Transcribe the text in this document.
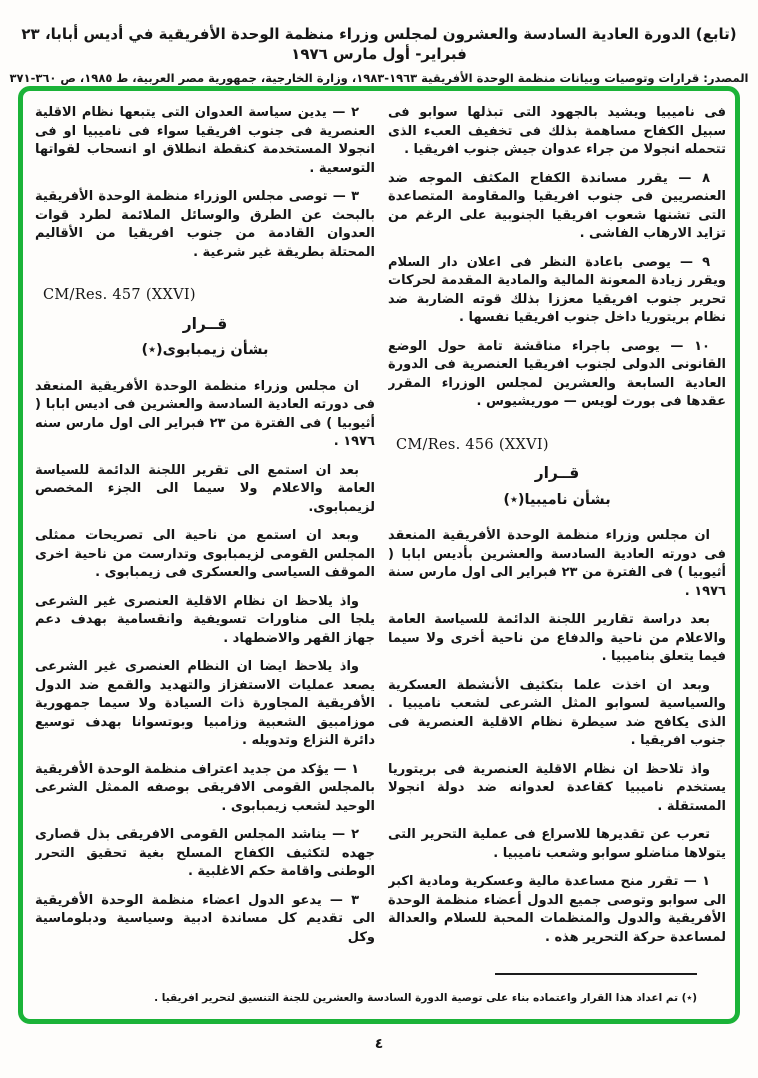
(تابع) الدورة العادية السادسة والعشرون لمجلس وزراء منظمة الوحدة الأفريقية في أديس أبابا، ٢٣ فبراير- أول مارس ١٩٧٦
المصدر: قرارات وتوصيات وبيانات منظمة الوحدة الأفريقية ١٩٦٣-١٩٨٣، وزارة الخارجية، جمهورية مصر العربية، ط ١٩٨٥، ص ٣٦٠-٣٧١
فى ناميبيا ويشيد بالجهود التى تبذلها سوابو فى سبيل الكفاح مساهمة بذلك فى تخفيف العبء الذى تتحمله انجولا من جراء عدوان جيش جنوب افريقيا .
٨ — يقرر مساندة الكفاح المكثف الموجه ضد العنصريين فى جنوب افريقيا والمقاومة المتصاعدة التى تشنها شعوب افريقيا الجنوبية على الرغم من تزايد الارهاب الفاشى .
٩ — يوصى باعادة النظر فى اعلان دار السلام ويقرر زيادة المعونة المالية والمادية المقدمة لحركات تحرير جنوب افريقيا معززا بذلك قوته الضاربة ضد نظام بريتوريا داخل جنوب افريقيا نفسها .
١٠ — يوصى باجراء مناقشة تامة حول الوضع القانونى الدولى لجنوب افريقيا العنصرية فى الدورة العادية السابعة والعشرين لمجلس الوزراء المقرر عقدها فى بورت لويس — موريشيوس .
CM/Res. 456 (XXVI)
قــرار
بشأن ناميبيا(٭)
ان مجلس وزراء منظمة الوحدة الأفريقية المنعقد فى دورته العادية السادسة والعشرين بأديس ابابا ( أثيوبيا ) فى الفترة من ٢٣ فبراير الى اول مارس سنة ١٩٧٦ .
بعد دراسة تقارير اللجنة الدائمة للسياسة العامة والاعلام من ناحية والدفاع من ناحية أخرى ولا سيما فيما يتعلق بناميبيا .
وبعد ان اخذت علما بتكثيف الأنشطة العسكرية والسياسية لسوابو المثل الشرعى لشعب ناميبيا . الذى يكافح ضد سيطرة نظام الاقلية العنصرية فى جنوب افريقيا .
واذ تلاحظ ان نظام الاقلية العنصرية فى بريتوريا يستخدم ناميبيا كقاعدة لعدوانه ضد دولة انجولا المستقلة .
تعرب عن تقديرها للاسراع فى عملية التحرير التى يتولاها مناضلو سوابو وشعب ناميبيا .
١ — تقرر منح مساعدة مالية وعسكرية ومادية اكبر الى سوابو وتوصى جميع الدول أعضاء منظمة الوحدة الأفريقية والدول والمنظمات المحبة للسلام والعدالة لمساعدة حركة التحرير هذه .
٢ — يدين سياسة العدوان التى يتبعها نظام الاقلية العنصرية فى جنوب افريقيا سواء فى ناميبيا او فى انجولا المستخدمة كنقطة انطلاق او انسحاب لقواتها التوسعية .
٣ — توصى مجلس الوزراء منظمة الوحدة الأفريقية بالبحث عن الطرق والوسائل الملائمة لطرد قوات العدوان القادمة من جنوب افريقيا من الأقاليم المحتلة بطريقة غير شرعية .
CM/Res. 457 (XXVI)
قــرار
بشأن زيمبابوى(٭)
ان مجلس وزراء منظمة الوحدة الأفريقية المنعقد فى دورته العادية السادسة والعشرين فى اديس ابابا ( أثيوبيا ) فى الفترة من ٢٣ فبراير الى اول مارس سنه ١٩٧٦ .
بعد ان استمع الى تقرير اللجنة الدائمة للسياسة العامة والاعلام ولا سيما الى الجزء المخصص لزيمبابوى.
وبعد ان استمع من ناحية الى تصريحات ممثلى المجلس القومى لزيمبابوى وتدارست من ناحية اخرى الموقف السياسى والعسكرى فى زيمبابوى .
واذ يلاحظ ان نظام الاقلية العنصرى غير الشرعى يلجا الى مناورات تسويفية وانقسامية بهدف دعم جهاز القهر والاضطهاد .
واذ يلاحظ ايضا ان النظام العنصرى غير الشرعى يصعد عمليات الاستفزاز والتهديد والقمع ضد الدول الأفريقية المجاورة ذات السيادة ولا سيما جمهورية موزامبيق الشعبية وزامبيا وبوتسوانا بهدف توسيع دائرة النزاع وتدويله .
١ — يؤكد من جديد اعتراف منظمة الوحدة الأفريقية بالمجلس القومى الافريقى بوصفه الممثل الشرعى الوحيد لشعب زيمبابوى .
٢ — يناشد المجلس القومى الافريقى بذل قصارى جهده لتكثيف الكفاح المسلح بغية تحقيق التحرر الوطنى واقامة حكم الاغلبية .
٣ — يدعو الدول اعضاء منظمة الوحدة الأفريقية الى تقديم كل مساندة ادبية وسياسية ودبلوماسية وكل
(٭) تم اعداد هذا القرار واعتماده بناء على توصية الدورة السادسة والعشرين للجنة التنسيق لتحرير افريقيا .
٤
